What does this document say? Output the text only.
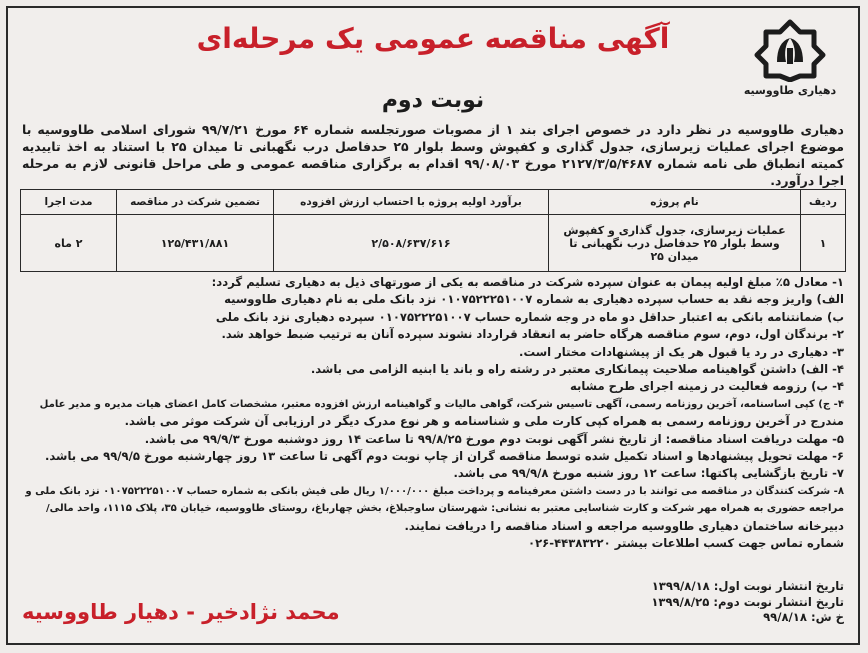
دهیاری طاووسیه
آگهی مناقصه عمومی یک مرحله‌ای
نوبت دوم
دهیاری طاووسیه در نظر دارد در خصوص اجرای بند ۱ از مصوبات صورتجلسه شماره ۶۴ مورخ ۹۹/۷/۲۱ شورای اسلامی طاووسیه با موضوع اجرای عملیات زیرسازی، جدول گذاری و کفپوش وسط بلوار ۲۵ حدفاصل درب نگهبانی تا میدان ۲۵ با استناد به اخذ تاییدیه کمیته انطباق طی نامه شماره ۲۱۲۷/۳/۵/۴۶۸۷ مورخ ۹۹/۰۸/۰۳ اقدام به برگزاری مناقصه عمومی و طی مراحل قانونی لازم به مرحله اجرا درآورد.
ردیف	نام پروژه	برآورد اولیه پروژه با احتساب ارزش افزوده	تضمین شرکت در مناقصه	مدت اجرا
۱	عملیات زیرسازی، جدول گذاری و کفپوش وسط بلوار ۲۵ حدفاصل درب نگهبانی تا میدان ۲۵	۲/۵۰۸/۶۳۷/۶۱۶	۱۲۵/۴۳۱/۸۸۱	۲ ماه

۱- معادل ۵٪ مبلغ اولیه پیمان به عنوان سپرده شرکت در مناقصه به یکی از صورتهای ذیل به دهیاری تسلیم گردد:

الف) واریز وجه نقد به حساب سپرده دهیاری به شماره ۰۱۰۷۵۲۲۲۵۱۰۰۷ نزد بانک ملی به نام دهیاری طاووسیه

ب) ضمانتنامه بانکی به اعتبار حداقل دو ماه در وجه شماره حساب ۰۱۰۷۵۲۲۲۵۱۰۰۷ سپرده دهیاری نزد بانک ملی

۲- برندگان اول، دوم، سوم مناقصه هرگاه حاضر به انعقاد قرارداد نشوند سپرده آنان به ترتیب ضبط خواهد شد.

۳- دهیاری در رد یا قبول هر یک از پیشنهادات مختار است.

۴- الف) داشتن گواهینامه صلاحیت پیمانکاری معتبر در رشته راه و باند یا ابنیه الزامی می باشد.

۴- ب) رزومه فعالیت در زمینه اجرای طرح مشابه

۴- ج) کپی اساسنامه، آخرین روزنامه رسمی، آگهی تاسیس شرکت، گواهی مالیات و گواهینامه ارزش افزوده معتبر، مشخصات کامل اعضای هیات مدیره و مدیر عامل

مندرج در آخرین روزنامه رسمی به همراه کپی کارت ملی و شناسنامه و هر نوع مدرک دیگر در ارزیابی آن شرکت موثر می باشد.

۵- مهلت دریافت اسناد مناقصه: از تاریخ نشر آگهی نوبت دوم مورخ ۹۹/۸/۲۵ تا ساعت ۱۴ روز دوشنبه مورخ ۹۹/۹/۳ می باشد.

۶- مهلت تحویل پیشنهادها و اسناد تکمیل شده توسط مناقصه گران از چاپ نوبت دوم آگهی تا ساعت ۱۳ روز چهارشنبه مورخ ۹۹/۹/۵ می باشد.

۷- تاریخ بازگشایی پاکتها: ساعت ۱۲ روز شنبه مورخ ۹۹/۹/۸ می باشد.

۸- شرکت کنندگان در مناقصه می توانند با در دست داشتن معرفینامه و پرداخت مبلغ ۱/۰۰۰/۰۰۰ ریال طی فیش بانکی به شماره حساب ۰۱۰۷۵۲۲۲۵۱۰۰۷ نزد بانک ملی و

مراجعه حضوری به همراه مهر شرکت و کارت شناسایی معتبر به نشانی: شهرستان ساوجبلاغ، بخش چهارباغ، روستای طاووسیه، خیابان ۳۵، پلاک ۱۱۱۵، واحد مالی/

دبیرخانه ساختمان دهیاری طاووسیه مراجعه و اسناد مناقصه را دریافت نمایند.

شماره تماس جهت کسب اطلاعات بیشتر ۴۴۳۸۳۲۲۰-۰۲۶

تاریخ انتشار نوبت اول: ۱۳۹۹/۸/۱۸

تاریخ انتشار نوبت دوم: ۱۳۹۹/۸/۲۵

خ ش: ۹۹/۸/۱۸

محمد نژادخیر - دهیار طاووسیه
